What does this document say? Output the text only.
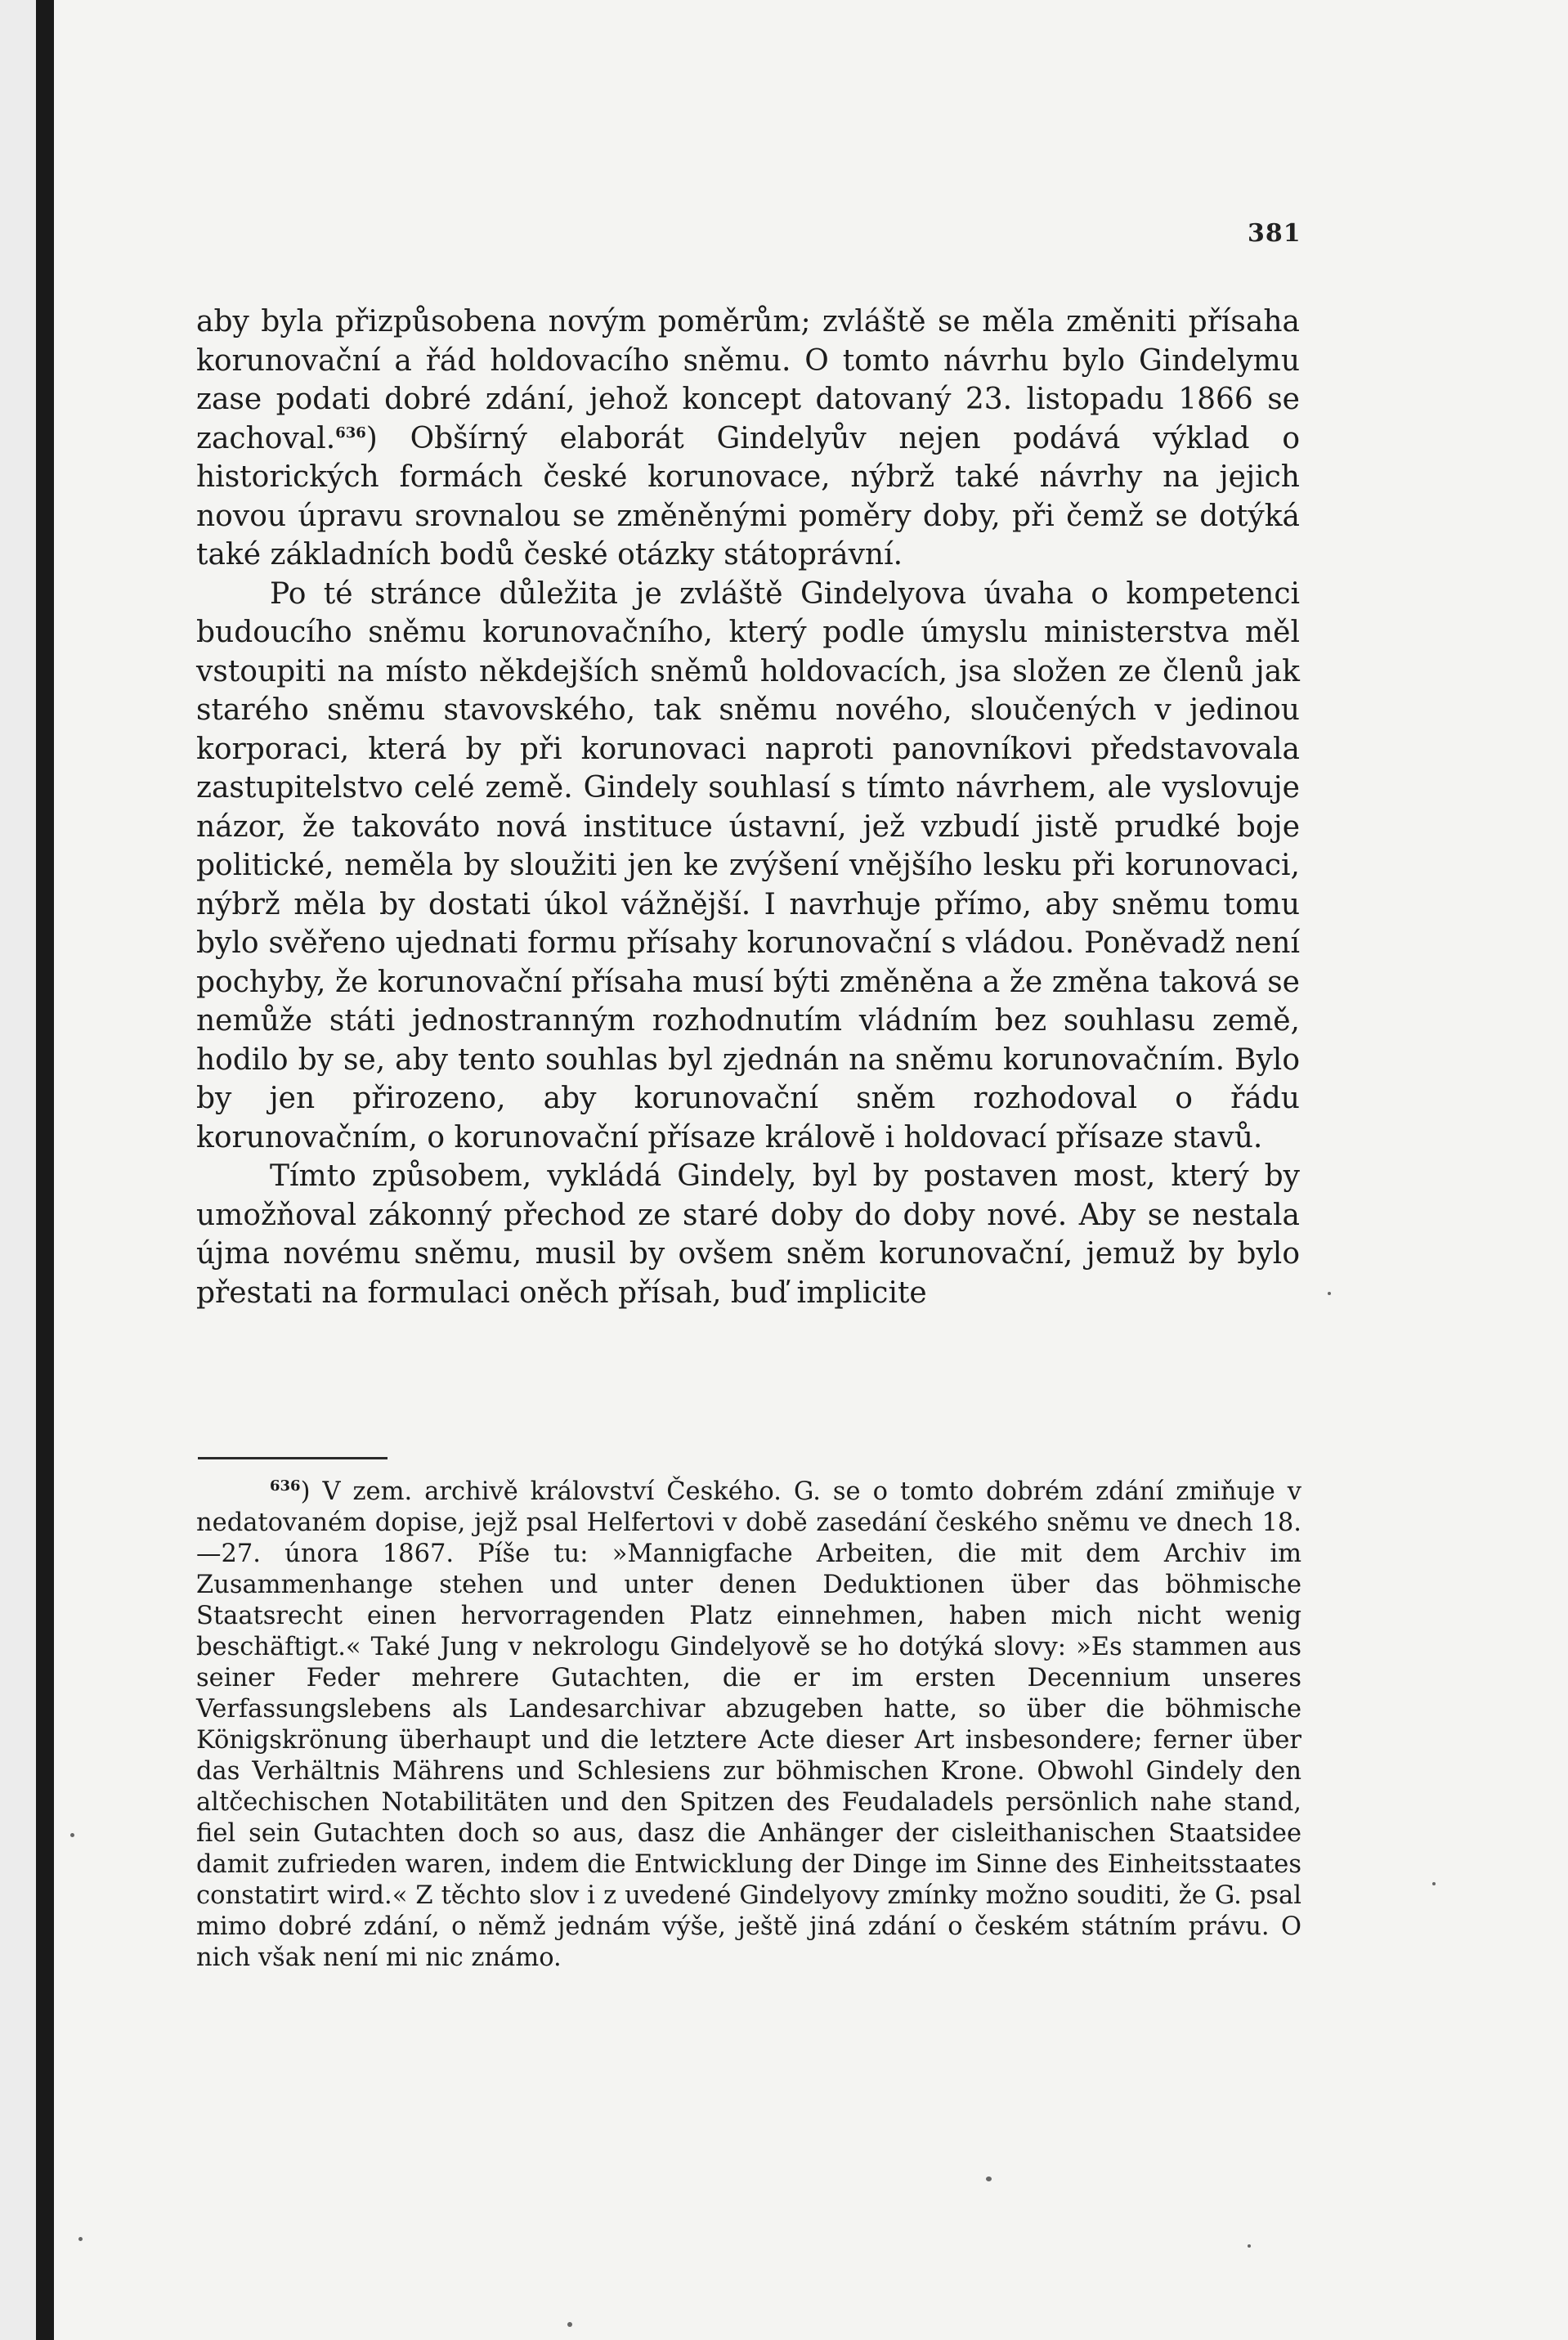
381

aby byla přizpůsobena novým poměrům; zvláště se měla změniti přísaha korunovační a řád holdovacího sněmu. O tomto návrhu bylo Gindelymu zase podati dobré zdání, jehož koncept datovaný 23. listopadu 1866 se zachoval.$^{636}$) Obšírný elaborát Gindelyův nejen podává výklad o historických formách české korunovace, nýbrž také návrhy na jejich novou úpravu srovnalou se změněnými poměry doby, při čemž se dotýká také základních bodů české otázky státoprávní.

Po té stránce důležita je zvláště Gindelyova úvaha o kompetenci budoucího sněmu korunovačního, který podle úmyslu ministerstva měl vstoupiti na místo někdejších sněmů holdovacích, jsa složen ze členů jak starého sněmu stavovského, tak sněmu nového, sloučených v jedinou korporaci, která by při korunovaci naproti panovníkovi představovala zastupitelstvo celé země. Gindely souhlasí s tímto návrhem, ale vyslovuje názor, že takováto nová instituce ústavní, jež vzbudí jistě prudké boje politické, neměla by sloužiti jen ke zvýšení vnějšího lesku při korunovaci, nýbrž měla by dostati úkol vážnější. I navrhuje přímo, aby sněmu tomu bylo svěřeno ujednati formu přísahy korunovační s vládou. Poněvadž není pochyby, že korunovační přísaha musí býti změněna a že změna taková se nemůže státi jednostranným rozhodnutím vládním bez souhlasu země, hodilo by se, aby tento souhlas byl zjednán na sněmu korunovačním. Bylo by jen přirozeno, aby korunovační sněm rozhodoval o řádu korunovačním, o korunovační přísaze královĕ i holdovací přísaze stavů.

Tímto způsobem, vykládá Gindely, byl by postaven most, který by umožňoval zákonný přechod ze staré doby do doby nové. Aby se nestala újma novému sněmu, musil by ovšem sněm korunovační, jemuž by bylo přestati na formulaci oněch přísah, buď implicite

$^{636}$) V zem. archivě království Českého. G. se o tomto dobrém zdání zmiňuje v nedatovaném dopise, jejž psal Helfertovi v době zasedání českého sněmu ve dnech 18.—27. února 1867. Píše tu: »Mannigfache Arbeiten, die mit dem Archiv im Zusammenhange stehen und unter denen Deduktionen über das böhmische Staatsrecht einen hervorragenden Platz einnehmen, haben mich nicht wenig beschäftigt.« Také Jung v nekrologu Gindelyově se ho dotýká slovy: »Es stammen aus seiner Feder mehrere Gutachten, die er im ersten Decennium unseres Verfassungslebens als Landesarchivar abzugeben hatte, so über die böhmische Königskrönung überhaupt und die letztere Acte dieser Art insbesondere; ferner über das Verhältnis Mährens und Schlesiens zur böhmischen Krone. Obwohl Gindely den altčechischen Notabilitäten und den Spitzen des Feudaladels persönlich nahe stand, fiel sein Gutachten doch so aus, dasz die Anhänger der cisleithanischen Staatsidee damit zufrieden waren, indem die Entwicklung der Dinge im Sinne des Einheitsstaates constatirt wird.« Z těchto slov i z uvedené Gindelyovy zmínky možno souditi, že G. psal mimo dobré zdání, o němž jednám výše, ještě jiná zdání o českém státním právu. O nich však není mi nic známo.
